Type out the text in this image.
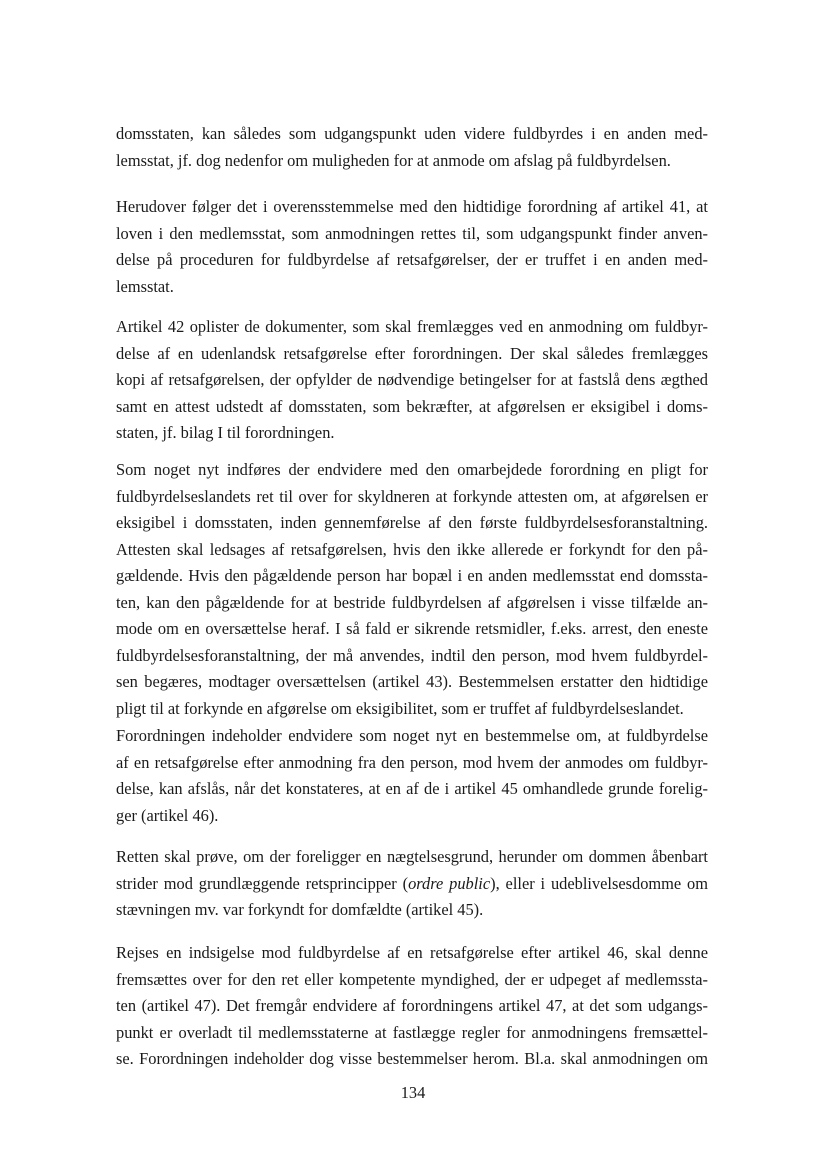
domsstaten, kan således som udgangspunkt uden videre fuldbyrdes i en anden med-
lemsstat, jf. dog nedenfor om muligheden for at anmode om afslag på fuldbyrdelsen.
Herudover følger det i overensstemmelse med den hidtidige forordning af artikel 41, at
loven i den medlemsstat, som anmodningen rettes til, som udgangspunkt finder anven-
delse på proceduren for fuldbyrdelse af retsafgørelser, der er truffet i en anden med-
lemsstat.
Artikel 42 oplister de dokumenter, som skal fremlægges ved en anmodning om fuldbyr-
delse af en udenlandsk retsafgørelse efter forordningen. Der skal således fremlægges
kopi af retsafgørelsen, der opfylder de nødvendige betingelser for at fastslå dens ægthed
samt en attest udstedt af domsstaten, som bekræfter, at afgørelsen er eksigibel i doms-
staten, jf. bilag I til forordningen.
Som noget nyt indføres der endvidere med den omarbejdede forordning en pligt for
fuldbyrdelseslandets ret til over for skyldneren at forkynde attesten om, at afgørelsen er
eksigibel i domsstaten, inden gennemførelse af den første fuldbyrdelsesforanstaltning.
Attesten skal ledsages af retsafgørelsen, hvis den ikke allerede er forkyndt for den på-
gældende. Hvis den pågældende person har bopæl i en anden medlemsstat end domssta-
ten, kan den pågældende for at bestride fuldbyrdelsen af afgørelsen i visse tilfælde an-
mode om en oversættelse heraf. I så fald er sikrende retsmidler, f.eks. arrest, den eneste
fuldbyrdelsesforanstaltning, der må anvendes, indtil den person, mod hvem fuldbyrdel-
sen begæres, modtager oversættelsen (artikel 43). Bestemmelsen erstatter den hidtidige
pligt til at forkynde en afgørelse om eksigibilitet, som er truffet af fuldbyrdelseslandet.
Forordningen indeholder endvidere som noget nyt en bestemmelse om, at fuldbyrdelse
af en retsafgørelse efter anmodning fra den person, mod hvem der anmodes om fuldbyr-
delse, kan afslås, når det konstateres, at en af de i artikel 45 omhandlede grunde forelig-
ger (artikel 46).
Retten skal prøve, om der foreligger en nægtelsesgrund, herunder om dommen åbenbart
strider mod grundlæggende retsprincipper (ordre public), eller i udeblivelsesdomme om
stævningen mv. var forkyndt for domfældte (artikel 45).
Rejses en indsigelse mod fuldbyrdelse af en retsafgørelse efter artikel 46, skal denne
fremsættes over for den ret eller kompetente myndighed, der er udpeget af medlemssta-
ten (artikel 47). Det fremgår endvidere af forordningens artikel 47, at det som udgangs-
punkt er overladt til medlemsstaterne at fastlægge regler for anmodningens fremsættel-
se. Forordningen indeholder dog visse bestemmelser herom. Bl.a. skal anmodningen om
134
